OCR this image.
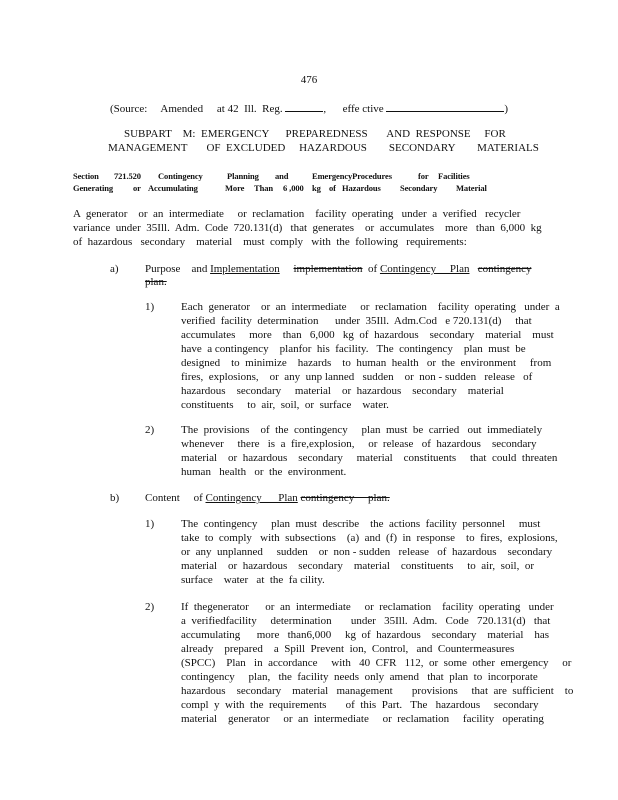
476
(Source:     Amended     at 42  Ill.  Reg.	,      effe ctive	)
SUBPART    M:  EMERGENCY      PREPAREDNESS       AND  RESPONSE     FOR
MANAGEMENT       OF  EXCLUDED     HAZARDOUS        SECONDARY        MATERIALS
Section 721.520 Contingency	Planning and	EmergencyProcedures	for Facilities
Generating or Accumulating	More Than 6 ,000 kg of Hazardous Secondary Material
A  generator    or  an  intermediate     or  reclamation    facility  operating   under  a  verified   recycler
variance  under  35Ill.  Adm.  Code  720.131(d)   that  generates    or  accumulates    more   than  6,000  kg
of  hazardous   secondary    material    must  comply   with  the  following   requirements:
a) Purpose    and Implementation implementation of Contingency     Plan contingency
plan.
1) Each  generator    or  an  intermediate     or  reclamation    facility  operating   under  a
verified  facility  determination      under  35Ill.  Adm.Cod   e 720.131(d)     that
accumulates     more    than   6,000   kg  of  hazardous    secondary    material    must
have  a contingency    planfor  his  facility.   The  contingency    plan  must  be
designed    to  minimize    hazards    to  human  health   or  the  environment     from
fires,  explosions,    or  any  unp lanned   sudden    or  non - sudden   release   of
hazardous    secondary     material    or  hazardous    secondary    material
constituents     to  air,  soil,  or  surface    water.
2) The  provisions    of  the  contingency     plan  must  be  carried   out  immediately
whenever     there   is  a  fire,explosion,     or  release   of  hazardous    secondary
material    or  hazardous    secondary     material    constituents     that  could  threaten
human   health   or  the  environment.
b) Content     of Contingency      Plan contingency     plan.
1) The  contingency     plan  must  describe    the  actions  facility  personnel     must
take  to  comply   with  subsections    (a)  and  (f)  in  response    to  fires,  explosions,
or  any  unplanned     sudden    or  non - sudden   release   of  hazardous    secondary
material    or  hazardous    secondary    material    constituents     to  air,  soil,  or
surface    water   at  the  fa cility.
2) If  thegenerator      or  an  intermediate     or  reclamation    facility  operating   under
a  verifiedfacility     determination       under   35Ill.  Adm.   Code   720.131(d)   that
accumulating      more   than6,000     kg  of  hazardous    secondary    material    has
already    prepared    a  Spill  Prevent  ion,  Control,   and  Countermeasures
(SPCC)    Plan   in  accordance     with   40  CFR   112,  or  some  other  emergency     or
contingency     plan,   the  facility  needs  only  amend   that  plan  to  incorporate
hazardous    secondary    material   management       provisions     that  are  sufficient    to
compl  y  with  the  requirements       of  this  Part.   The   hazardous     secondary
material    generator     or  an  intermediate     or  reclamation     facility   operating
